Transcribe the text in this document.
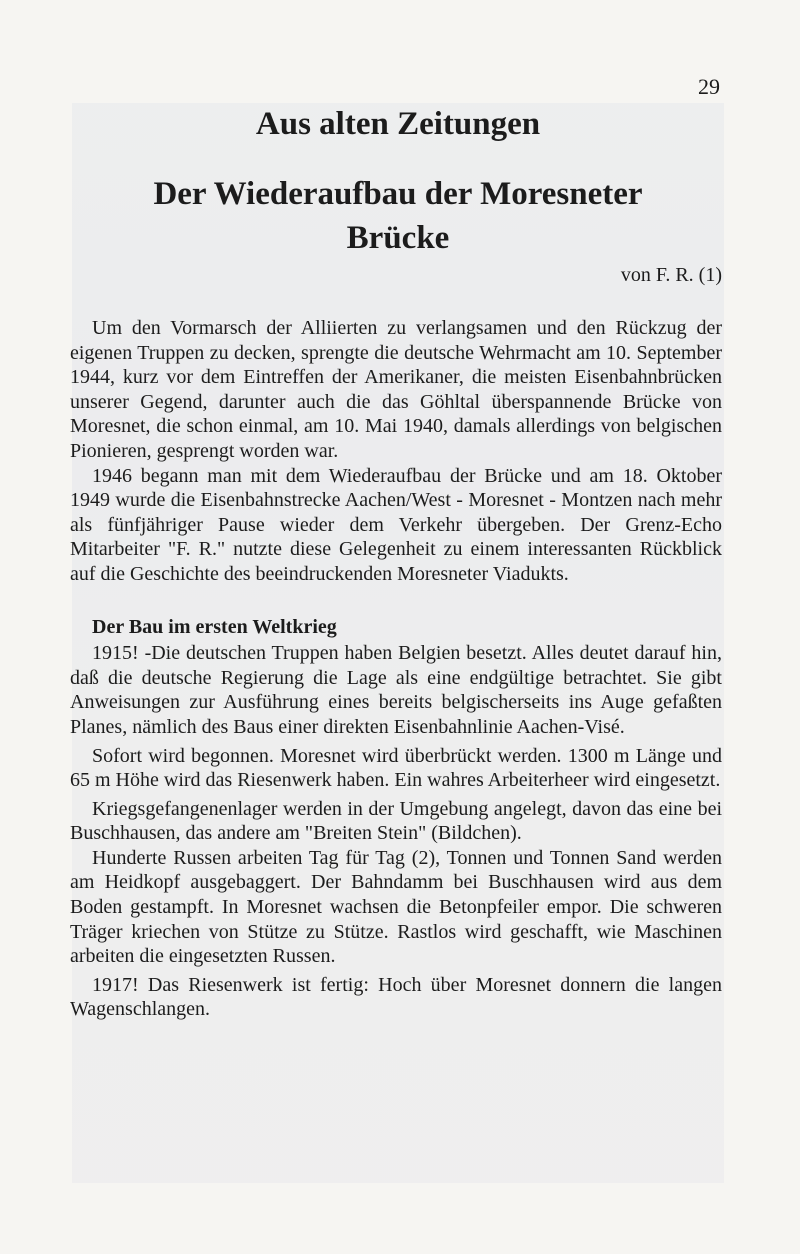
29
Aus alten Zeitungen
Der Wiederaufbau der Moresneter
Brücke
von F. R. (1)

Um den Vormarsch der Alliierten zu verlangsamen und den Rückzug der eigenen Truppen zu decken, sprengte die deutsche Wehrmacht am 10. September 1944, kurz vor dem Eintreffen der Amerikaner, die meisten Eisenbahnbrücken unserer Gegend, darunter auch die das Göhltal überspannende Brücke von Moresnet, die schon einmal, am 10. Mai 1940, damals allerdings von belgischen Pionieren, gesprengt worden war.

1946 begann man mit dem Wiederaufbau der Brücke und am 18. Oktober 1949 wurde die Eisenbahnstrecke Aachen/West - Moresnet - Montzen nach mehr als fünfjähriger Pause wieder dem Verkehr übergeben. Der Grenz-Echo Mitarbeiter "F. R." nutzte diese Gelegenheit zu einem interessanten Rückblick auf die Geschichte des beeindruckenden Moresneter Viadukts.

Der Bau im ersten Weltkrieg

1915! -Die deutschen Truppen haben Belgien besetzt. Alles deutet darauf hin, daß die deutsche Regierung die Lage als eine endgültige betrachtet. Sie gibt Anweisungen zur Ausführung eines bereits belgischerseits ins Auge gefaßten Planes, nämlich des Baus einer direkten Eisenbahnlinie Aachen-Visé.

Sofort wird begonnen. Moresnet wird überbrückt werden. 1300 m Länge und 65 m Höhe wird das Riesenwerk haben. Ein wahres Arbeiterheer wird eingesetzt.

Kriegsgefangenenlager werden in der Umgebung angelegt, davon das eine bei Buschhausen, das andere am "Breiten Stein" (Bildchen).

Hunderte Russen arbeiten Tag für Tag (2), Tonnen und Tonnen Sand werden am Heidkopf ausgebaggert. Der Bahndamm bei Buschhausen wird aus dem Boden gestampft. In Moresnet wachsen die Betonpfeiler empor. Die schweren Träger kriechen von Stütze zu Stütze. Rastlos wird geschafft, wie Maschinen arbeiten die eingesetzten Russen.

1917! Das Riesenwerk ist fertig: Hoch über Moresnet donnern die langen Wagenschlangen.
